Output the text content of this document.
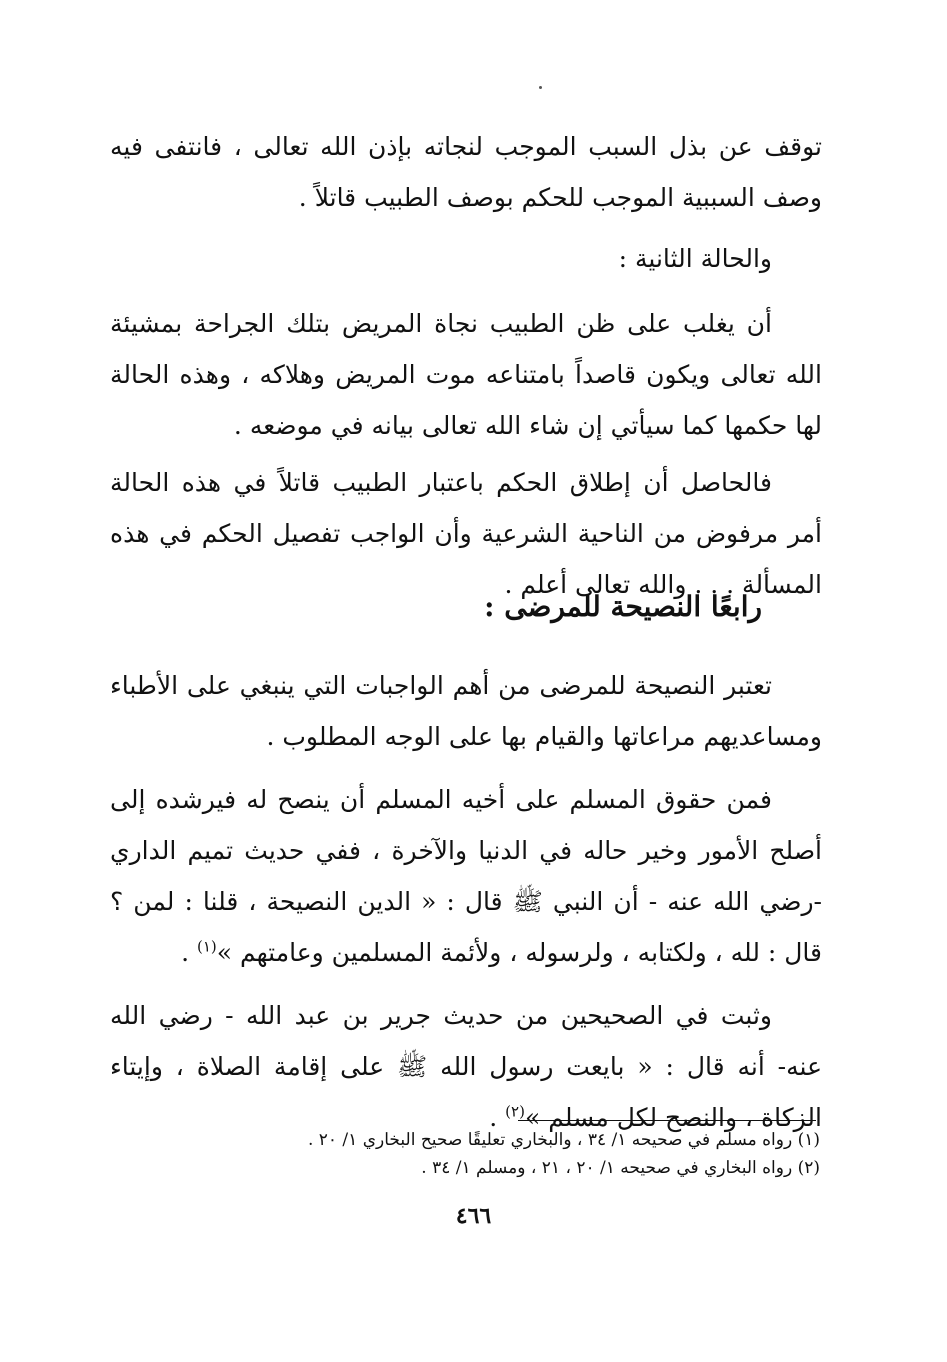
توقف عن بذل السبب الموجب لنجاته بإذن الله تعالى ، فانتفى فيه وصف السببية الموجب للحكم بوصف الطبيب قاتلاً .

والحالة الثانية :

أن يغلب على ظن الطبيب نجاة المريض بتلك الجراحة بمشيئة الله تعالى ويكون قاصداً بامتناعه موت المريض وهلاكه ، وهذه الحالة لها حكمها كما سيأتي إن شاء الله تعالى بيانه في موضعه .

فالحاصل أن إطلاق الحكم باعتبار الطبيب قاتلاً في هذه الحالة أمر مرفوض من الناحية الشرعية وأن الواجب تفصيل الحكم في هذه المسألة . . . والله تعالى أعلم .

رابعًا النصيحة للمرضى :

تعتبر النصيحة للمرضى من أهم الواجبات التي ينبغي على الأطباء ومساعديهم مراعاتها والقيام بها على الوجه المطلوب .

فمن حقوق المسلم على أخيه المسلم أن ينصح له فيرشده إلى أصلح الأمور وخير حاله في الدنيا والآخرة ، ففي حديث تميم الداري -رضي الله عنه - أن النبي ﷺ قال : « الدين النصيحة ، قلنا : لمن ؟ قال : لله ، ولكتابه ، ولرسوله ، ولأئمة المسلمين وعامتهم »$^{(١)}$ .

وثبت في الصحيحين من حديث جرير بن عبد الله - رضي الله عنه- أنه قال : « بايعت رسول الله ﷺ على إقامة الصلاة ، وإيتاء الزكاة ، والنصح لكل مسلم »$^{(٢)}$ .

(١) رواه مسلم في صحيحه ١/ ٣٤ ، والبخاري تعليقًا صحيح البخاري ١/ ٢٠ .

(٢) رواه البخاري في صحيحه ١/ ٢٠ ، ٢١ ، ومسلم ١/ ٣٤ .

٤٦٦
